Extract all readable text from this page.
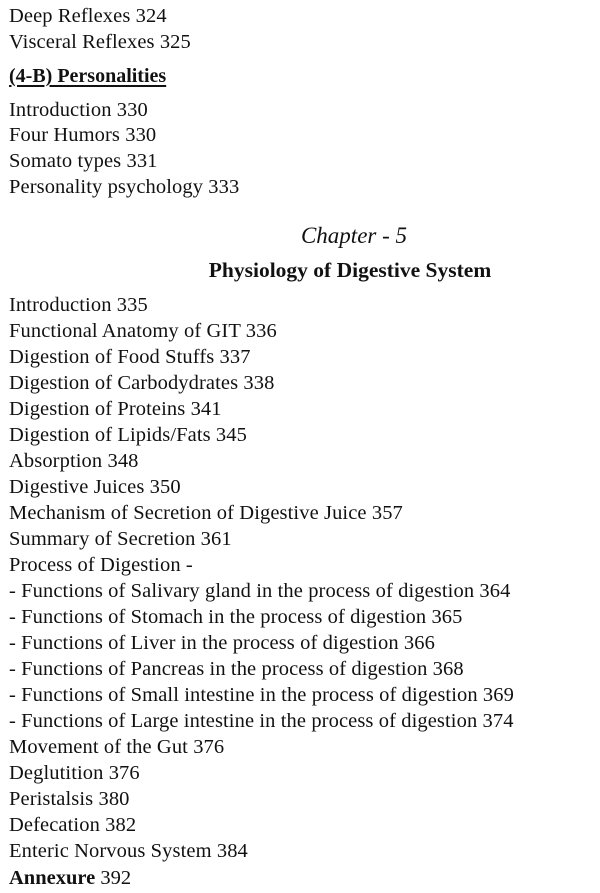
Deep Reflexes 324
Visceral Reflexes 325
(4-B) Personalities
Introduction 330
Four Humors 330
Somato types 331
Personality psychology 333
Chapter - 5
Physiology of Digestive System
Introduction 335
Functional Anatomy of GIT 336
Digestion of Food Stuffs 337
Digestion of Carbodydrates 338
Digestion of Proteins 341
Digestion of Lipids/Fats 345
Absorption 348
Digestive Juices 350
Mechanism of Secretion of Digestive Juice 357
Summary of Secretion 361
Process of Digestion -
- Functions of Salivary gland in the process of digestion 364
- Functions of Stomach in the process of digestion 365
- Functions of Liver in the process of digestion 366
- Functions of Pancreas in the process of digestion 368
- Functions of Small intestine in the process of digestion 369
- Functions of Large intestine in the process of digestion 374
Movement of the Gut 376
Deglutition 376
Peristalsis 380
Defecation 382
Enteric Norvous System 384
Annexure 392
